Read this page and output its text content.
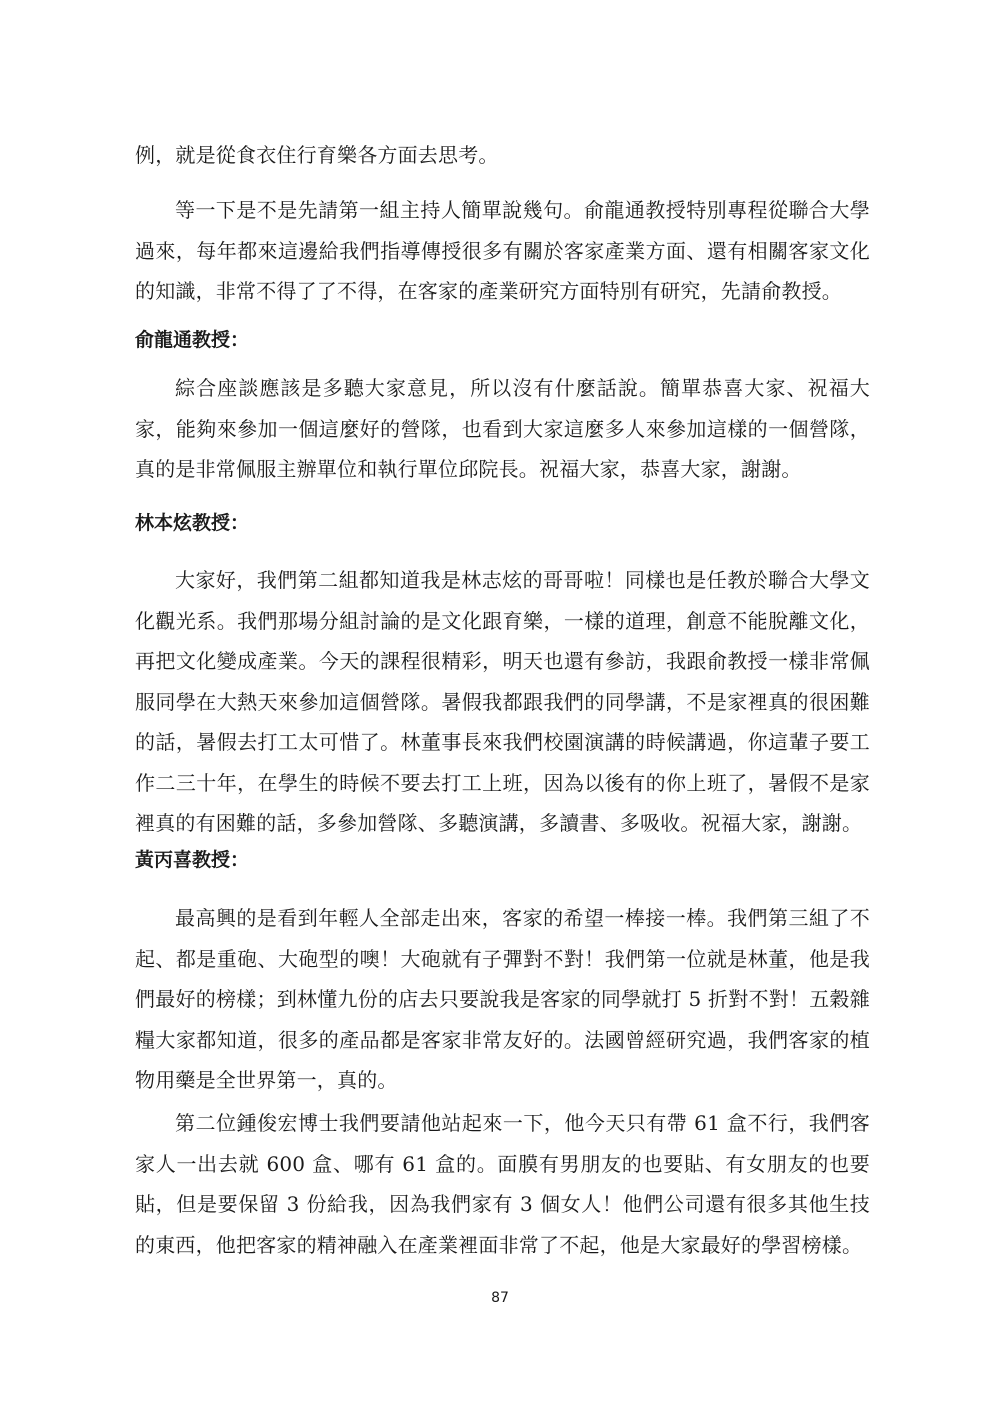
例，就是從食衣住行育樂各方面去思考。

等一下是不是先請第一組主持人簡單說幾句。俞龍通教授特別專程從聯合大學過來，每年都來這邊給我們指導傳授很多有關於客家產業方面、還有相關客家文化的知識，非常不得了了不得，在客家的產業研究方面特別有研究，先請俞教授。

俞龍通教授：

綜合座談應該是多聽大家意見，所以沒有什麼話說。簡單恭喜大家、祝福大家，能夠來參加一個這麼好的營隊，也看到大家這麼多人來參加這樣的一個營隊，真的是非常佩服主辦單位和執行單位邱院長。祝福大家，恭喜大家，謝謝。

林本炫教授：

大家好，我們第二組都知道我是林志炫的哥哥啦！同樣也是任教於聯合大學文化觀光系。我們那場分組討論的是文化跟育樂，一樣的道理，創意不能脫離文化，再把文化變成產業。今天的課程很精彩，明天也還有參訪，我跟俞教授一樣非常佩服同學在大熱天來參加這個營隊。暑假我都跟我們的同學講，不是家裡真的很困難的話，暑假去打工太可惜了。林董事長來我們校園演講的時候講過，你這輩子要工作二三十年，在學生的時候不要去打工上班，因為以後有的你上班了，暑假不是家裡真的有困難的話，多參加營隊、多聽演講，多讀書、多吸收。祝福大家，謝謝。

黃丙喜教授：

最高興的是看到年輕人全部走出來，客家的希望一棒接一棒。我們第三組了不起、都是重砲、大砲型的噢！大砲就有子彈對不對！我們第一位就是林董，他是我們最好的榜樣；到林懂九份的店去只要說我是客家的同學就打 5 折對不對！五穀雜糧大家都知道，很多的產品都是客家非常友好的。法國曾經研究過，我們客家的植物用藥是全世界第一，真的。

第二位鍾俊宏博士我們要請他站起來一下，他今天只有帶 61 盒不行，我們客家人一出去就 600 盒、哪有 61 盒的。面膜有男朋友的也要貼、有女朋友的也要貼，但是要保留 3 份給我，因為我們家有 3 個女人！他們公司還有很多其他生技的東西，他把客家的精神融入在產業裡面非常了不起，他是大家最好的學習榜樣。

87
